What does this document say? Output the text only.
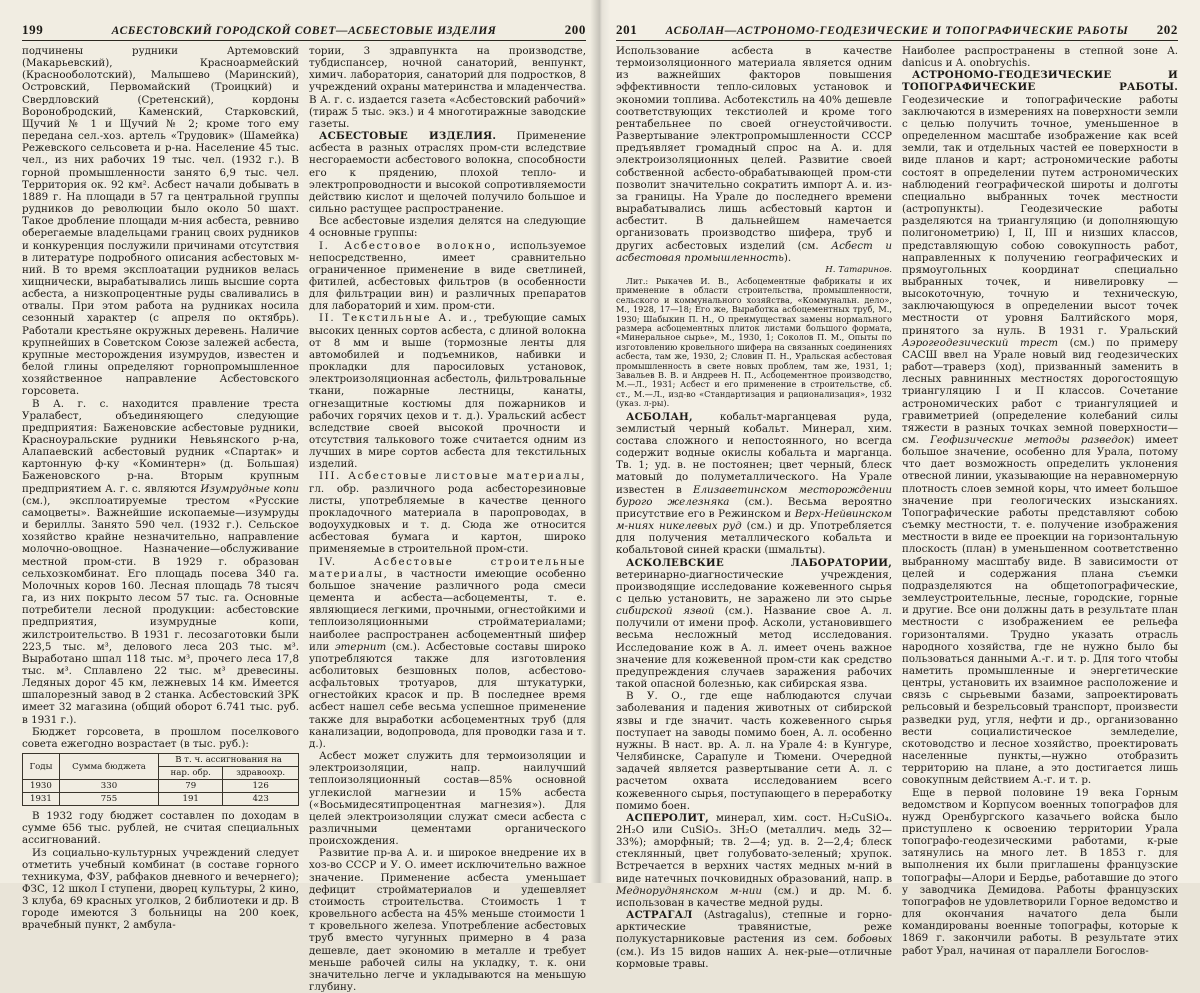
199	АСБЕСТОВСКИЙ ГОРОДСКОЙ СОВЕТ—АСБЕСТОВЫЕ ИЗДЕЛИЯ	200

подчинены рудники Артемовский (Макарьевский), Красноармейский (Краснооболотский), Малышево (Маринский), Островский, Первомайский (Троицкий) и Свердловский (Сретенский), кордоны Воронобродский, Каменский, Старковский, Щучий № 1 и Щучий № 2; кроме того ему передана сел.-хоз. артель «Трудовик» (Шамейка) Режевского сельсовета и р-на. Население 45 тыс. чел., из них рабочих 19 тыс. чел. (1932 г.). В горной промышленности занято 6,9 тыс. чел. Территория ок. 92 км². Асбест начали добывать в 1889 г. На площади в 57 га центральной группы рудников до революции было около 50 шахт. Такое дробление площади м-ния асбеста, ревниво оберегаемые владельцами границ своих рудников и конкуренция послужили причинами отсутствия в литературе подробного описания асбестовых м-ний. В то время эксплоатации рудников велась хищнически, вырабатывались лишь высшие сорта асбеста, а низкопроцентные руды сваливались в отвалы. При этом работа на рудниках носила сезонный характер (с апреля по октябрь). Работали крестьяне окружных деревень. Наличие крупнейших в Советском Союзе залежей асбеста, крупные месторождения изумрудов, известен и белой глины определяют горнопромышленное хозяйственное направление Асбестовского горсовета.

В А. г. с. находится правление треста Уралабест, объединяющего следующие предприятия: Баженовские асбестовые рудники, Красноуральские рудники Невьянского р-на, Алапаевский асбестовый рудник «Спартак» и картонную ф-ку «Коминтерн» (д. Большая) Баженовского р-на. Вторым крупным предприятием А. г. с. являются Изумрудные копи (см.), эксплоатируемые трестом «Русские самоцветы». Важнейшие ископаемые—изумруды и бериллы. Занято 590 чел. (1932 г.). Сельское хозяйство крайне незначительно, направление молочно-овощное. Назначение—обслуживание местной пром-сти. В 1929 г. образован сельхозкомбинат. Его площадь посева 340 га. Молочных коров 160. Лесная площадь 78 тысяч га, из них покрыто лесом 57 тыс. га. Основные потребители лесной продукции: асбестовские предприятия, изумрудные копи, жилстроительство. В 1931 г. лесозаготовки были 223,5 тыс. м³, делового леса 203 тыс. м³. Выработано шпал 118 тыс. м³, прочего леса 17,8 тыс. м³. Сплавлено 22 тыс. м³ древесины. Ледяных дорог 45 км, лежневых 14 км. Имеется шпалорезный завод в 2 станка. Асбестовский ЗРК имеет 32 магазина (общий оборот 6.741 тыс. руб. в 1931 г.).

Бюджет горсовета, в прошлом поселкового совета ежегодно возрастает (в тыс. руб.):

Годы	Сумма бюджета	В т. ч. ассигнования на	
		нар. обр.	здравоохр.
1930	330	79	126
1931	755	191	423

В 1932 году бюджет составлен по доходам в сумме 656 тыс. рублей, не считая специальных ассигнований.

Из социально-культурных учреждений следует отметить учебный комбинат (в составе горного техникума, ФЗУ, рабфаков дневного и вечернего); ФЗС, 12 школ I ступени, дворец культуры, 2 кино, 3 клуба, 69 красных уголков, 2 библиотеки и др. В городе имеются 3 больницы на 200 коек, врачебный пункт, 2 амбула-

тории, 3 здравпункта на производстве, тубдиспансер, ночной санаторий, венпункт, химич. лаборатория, санаторий для подростков, 8 учреждений охраны материнства и младенчества. В А. г. с. издается газета «Асбестовский рабочий» (тираж 5 тыс. экз.) и 4 многотиражные заводские газеты.

АСБЕСТОВЫЕ ИЗДЕЛИЯ. Применение асбеста в разных отраслях пром-сти вследствие несгораемости асбестового волокна, способности его к прядению, плохой тепло- и электропроводности и высокой сопротивляемости действию кислот и щелочей получило большое и сильно растущее распространение.

Все асбестовые изделия делятся на следующие 4 основные группы:

I. Асбестовое волокно, используемое непосредственно, имеет сравнительно ограниченное применение в виде светлиней, фитилей, асбестовых фильтров (в особенности для фильтрации вин) и различных препаратов для лабораторий и хим. пром-сти.

II. Текстильные А. и., требующие самых высоких ценных сортов асбеста, с длиной волокна от 8 мм и выше (тормозные ленты для автомобилей и подъемников, набивки и прокладки для паросиловых установок, электроизоляционная асбестоль, фильтровальные ткани, пожарные лестницы, канаты, огнезащитные костюмы для пожарников и рабочих горячих цехов и т. д.). Уральский асбест вследствие своей высокой прочности и отсутствия талькового тоже считается одним из лучших в мире сортов асбеста для текстильных изделий.

III. Асбестовые листовые материалы, гл. обр. различного рода асбесторезиновые листы, употребляемые в качестве ценного прокладочного материала в паропроводах, в водоухудковых и т. д. Сюда же относится асбестовая бумага и картон, широко применяемые в строительной пром-сти.

IV. Асбестовые строительные материалы, в частности имеющие особенно большое значение различного рода смеси цемента и асбеста—асбоцементы, т. е. являющиеся легкими, прочными, огнестойкими и теплоизоляционными стройматериалами; наиболее распространен асбоцементный шифер или этернит (см.). Асбестовые составы широко употребляются также для изготовления асболитовых безшовных полов, асбестово-асфальтовых тротуаров, для штукатурки, огнестойких красок и пр. В последнее время асбест нашел себе весьма успешное применение также для выработки асбоцементных труб (для канализации, водопровода, для проводки газа и т. д.).

Асбест может служить для термоизоляции и электроизоляции, напр. наилучший теплоизоляционный состав—85% основной углекислой магнезии и 15% асбеста («Восьмидесятипроцентная магнезия»). Для целей электроизоляции служат смеси асбеста с различными цементами органического происхождения.

Развитие пр-ва А. и. и широкое внедрение их в хоз-во СССР и У. О. имеет исключительно важное значение. Применение асбеста уменьшает дефицит стройматериалов и удешевляет стоимость строительства. Стоимость 1 т кровельного асбеста на 45% меньше стоимости 1 т кровельного железа. Употребление асбестовых труб вместо чугунных примерно в 4 раза дешевле, дает экономию в металле и требует меньше рабочей силы на укладку, т. к. они значительно легче и укладываются на меньшую глубину.

201 АСБОЛАН—АСТРОНОМО-ГЕОДЕЗИЧЕСКИЕ И ТОПОГРАФИЧЕСКИЕ РАБОТЫ 202

Использование асбеста в качестве термоизоляционного материала является одним из важнейших факторов повышения эффективности тепло-силовых установок и экономии топлива. Асботекстиль на 40% дешевле соответствующих текстиолей и кроме того рентабельнее по своей огнеустойчивости. Развертывание электропромышленности СССР предъявляет громадный спрос на А. и. для электроизоляционных целей. Развитие своей собственной асбесто-обрабатывающей пром-сти позволит значительно сократить импорт А. и. из-за границы. На Урале до последнего времени вырабатывались лишь асбестовый картон и асбестит. В дальнейшем намечается организовать производство шифера, труб и других асбестовых изделий (см. Асбест и асбестовая промышленность).

Н. Татаринов.

Лит.: Рыкачев И. В., Асбоцементные фабрикаты и их применение в области строительства, промышленности, сельского и коммунального хозяйства, «Коммунальн. дело», М., 1928, 17—18; Его же, Выработка асбоцементных труб, М., 1930; Шабыкин П. Н., О преимуществах замены нормального размера асбоцементных плиток листами большого формата, «Минеральное сырье», М., 1930, 1; Соколов П. М., Опыты по изготовлению кровельного шифера на связанных соединениях асбеста, там же, 1930, 2; Словин П. Н., Уральская асбестовая промышленность в свете новых проблем, там же, 1931, 1; Завальев В. В. и Андреев Н. П., Асбоцементное производство, М.—Л., 1931; Асбест и его применение в строительстве, сб. ст., М.—Л., изд-во «Стандартизация и рационализация», 1932 (указ. л-ры).

АСБОЛАН, кобальт-марганцевая руда, землистый черный кобальт. Минерал, хим. состава сложного и непостоянного, но всегда содержит водные окислы кобальта и марганца. Тв. 1; уд. в. не постоянен; цвет черный, блеск матовый до полуметаллического. На Урале известен в Елизаветинском месторождении бурого железняка (см.). Весьма вероятно присутствие его в Режинском и Верх-Нейвинском м-ниях никелевых руд (см.) и др. Употребляется для получения металлического кобальта и кобальтовой синей краски (шмальты).

АСКОЛЕВСКИЕ ЛАБОРАТОРИИ, ветеринарно-диагностические учреждения, производящие исследование кожевенного сырья с целью установить, не заражено ли это сырье сибирской язвой (см.). Название свое А. л. получили от имени проф. Асколи, установившего весьма несложный метод исследования. Исследование кож в А. л. имеет очень важное значение для кожевенной пром-сти как средство предупреждения случаев заражения рабочих такой опасной болезнью, как сибирская язва.

В У. О., где еще наблюдаются случаи заболевания и падения животных от сибирской язвы и где значит. часть кожевенного сырья поступает на заводы помимо боен, А. л. особенно нужны. В наст. вр. А. л. на Урале 4: в Кунгуре, Челябинске, Сарапуле и Тюмени. Очередной задачей является развертывание сети А. л. с расчетом охвата исследованием всего кожевенного сырья, поступающего в переработку помимо боен.

АСПЕРОЛИТ, минерал, хим. сост. H₂CuSiO₄. 2H₂O или CuSiO₃. 3H₂O (металлич. медь 32—33%); аморфный; тв. 2—4; уд. в. 2—2,4; блеск стеклянный, цвет голубовато-зеленый; хрупок. Встречается в верхних частях медных м-ний в виде натечных почковидных образований, напр. в Медноруднянском м-нии (см.) и др. М. б. использован в качестве медной руды.

АСТРАГАЛ (Astragalus), степные и горно-арктические травянистые, реже полукустарниковые растения из сем. бобовых (см.). Из 15 видов наших А. нек-рые—отличные кормовые травы.

Наиболее распространены в степной зоне A. danicus и A. onobrychis.

АСТРОНОМО-ГЕОДЕЗИЧЕСКИЕ И ТОПОГРАФИЧЕСКИЕ РАБОТЫ. Геодезические и топографические работы заключаются в измерениях на поверхности земли с целью получить точное, уменьшенное в определенном масштабе изображение как всей земли, так и отдельных частей ее поверхности в виде планов и карт; астрономические работы состоят в определении путем астрономических наблюдений географической широты и долготы специально выбранных точек местности (астропункты). Геодезические работы разделяются на триангуляцию (и дополняющую полигонометрию) I, II, III и низших классов, представляющую собою совокупность работ, направленных к получению географических и прямоугольных координат специально выбранных точек, и нивелировку — высокоточную, точную и техническую, заключающуюся в определении высот точек местности от уровня Балтийского моря, принятого за нуль. В 1931 г. Уральский Аэрогеодезический трест (см.) по примеру САСШ ввел на Урале новый вид геодезических работ—траверз (ход), призванный заменить в лесных равнинных местностях дорогостоящую триангуляцию I и II классов. Сочетание астрономических работ с триангуляцией и гравиметрией (определение колебаний силы тяжести в разных точках земной поверхности—см. Геофизические методы разведок) имеет большое значение, особенно для Урала, потому что дает возможность определить уклонения отвесной линии, указывающие на неравномерную плотность слоев земной коры, что имеет большое значение при геологических изысканиях. Топографические работы представляют собою съемку местности, т. е. получение изображения местности в виде ее проекции на горизонтальную плоскость (план) в уменьшенном соответственно выбранному масштабу виде. В зависимости от целей и содержания плана съемки подразделяются на общетопографические, землеустроительные, лесные, городские, горные и другие. Все они должны дать в результате план местности с изображением ее рельефа горизонталями. Трудно указать отрасль народного хозяйства, где не нужно было бы пользоваться данными А.-г. и т. р. Для того чтобы наметить промышленные и энергетические центры, установить их взаимное расположение и связь с сырьевыми базами, запроектировать рельсовый и безрельсовый транспорт, произвести разведки руд, угля, нефти и др., организованно вести социалистическое земледелие, скотоводство и лесное хозяйство, проектировать населенные пункты,—нужно отобразить территорию на плане, а это достигается лишь совокупным действием А.-г. и т. р.

Еще в первой половине 19 века Горным ведомством и Корпусом военных топографов для нужд Оренбургского казачьего войска было приступлено к освоению территории Урала топографо-геодезическими работами, к-рые затянулись на много лет. В 1853 г. для выполнения их были приглашены французские топографы—Алори и Бердье, работавшие до этого у заводчика Демидова. Работы французских топографов не удовлетворили Горное ведомство и для окончания начатого дела были командированы военные топографы, которые к 1869 г. закончили работы. В результате этих работ Урал, начиная от параллели Богослов-
